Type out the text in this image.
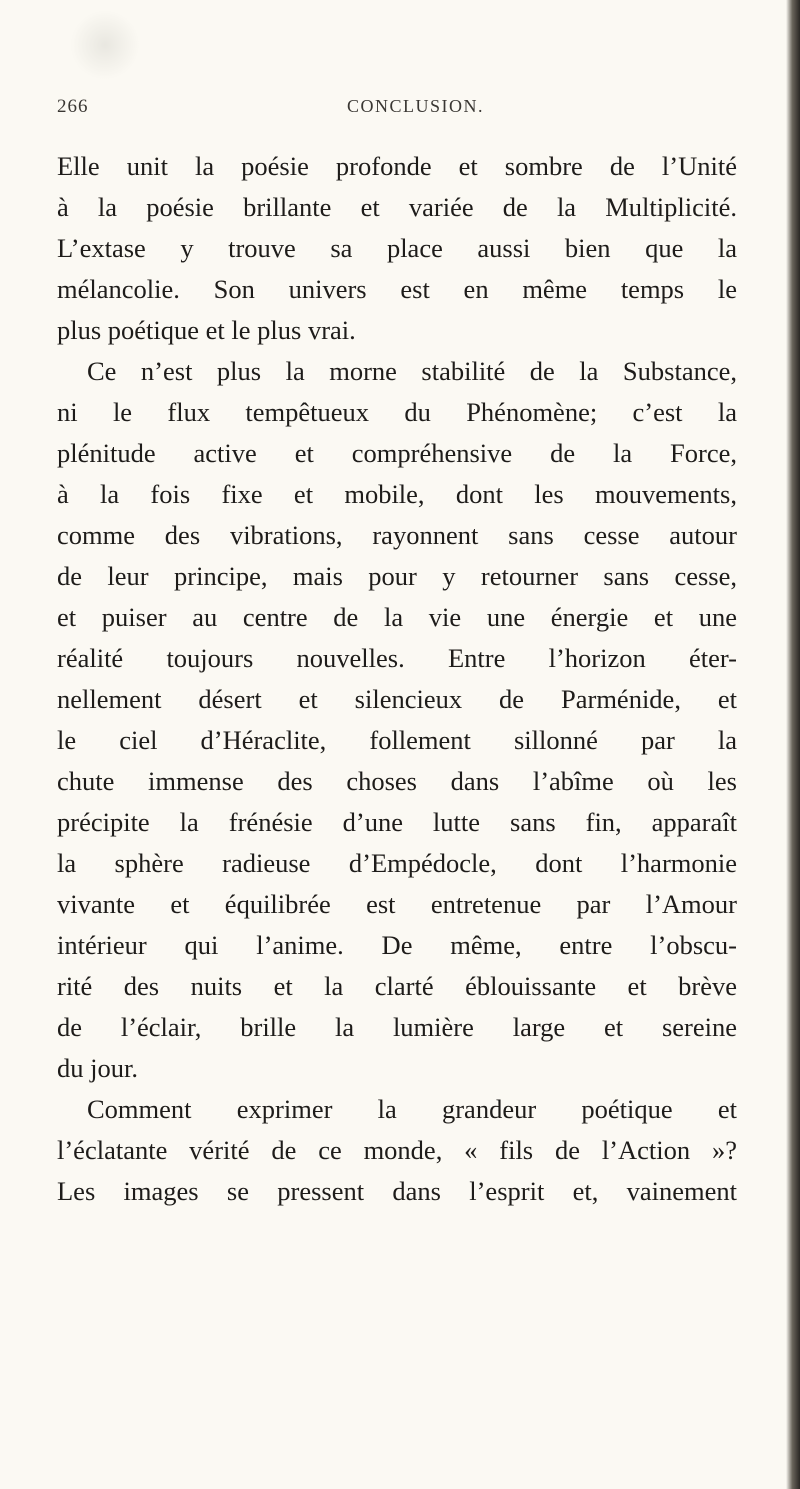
266	CONCLUSION.
Elle unit la poésie profonde et sombre de l’Unité
à la poésie brillante et variée de la Multiplicité.
L’extase y trouve sa place aussi bien que la
mélancolie. Son univers est en même temps le
plus poétique et le plus vrai.
Ce n’est plus la morne stabilité de la Substance,
ni le flux tempêtueux du Phénomène; c’est la
plénitude active et compréhensive de la Force,
à la fois fixe et mobile, dont les mouvements,
comme des vibrations, rayonnent sans cesse autour
de leur principe, mais pour y retourner sans cesse,
et puiser au centre de la vie une énergie et une
réalité toujours nouvelles. Entre l’horizon éter-
nellement désert et silencieux de Parménide, et
le ciel d’Héraclite, follement sillonné par la
chute immense des choses dans l’abîme où les
précipite la frénésie d’une lutte sans fin, apparaît
la sphère radieuse d’Empédocle, dont l’harmonie
vivante et équilibrée est entretenue par l’Amour
intérieur qui l’anime. De même, entre l’obscu-
rité des nuits et la clarté éblouissante et brève
de l’éclair, brille la lumière large et sereine
du jour.
Comment exprimer la grandeur poétique et
l’éclatante vérité de ce monde, « fils de l’Action »?
Les images se pressent dans l’esprit et, vainement
